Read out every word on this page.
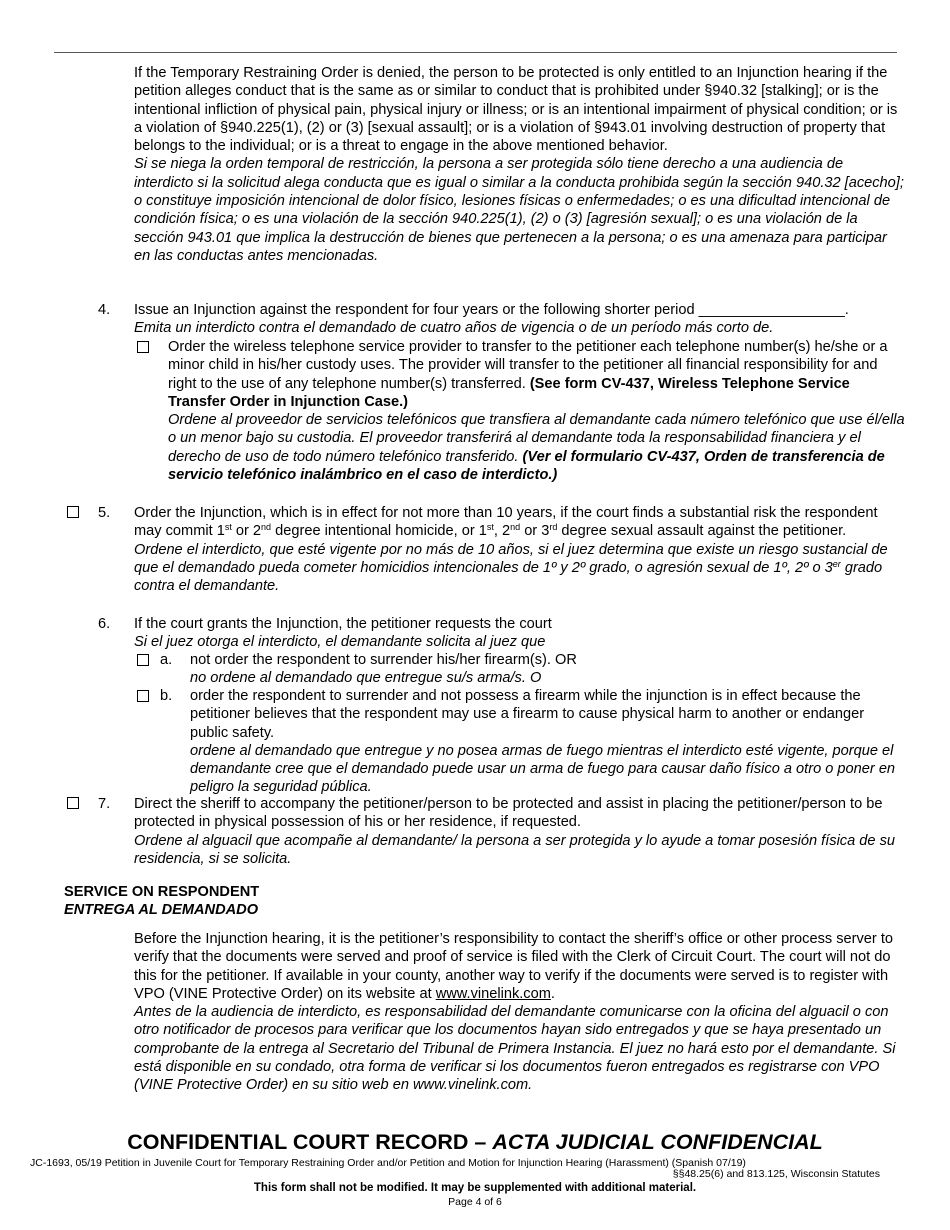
If the Temporary Restraining Order is denied, the person to be protected is only entitled to an Injunction hearing if the petition alleges conduct that is the same as or similar to conduct that is prohibited under §940.32 [stalking]; or is the intentional infliction of physical pain, physical injury or illness; or is an intentional impairment of physical condition; or is a violation of §940.225(1), (2) or (3) [sexual assault]; or is a violation of §943.01 involving destruction of property that belongs to the individual; or is a threat to engage in the above mentioned behavior.

Si se niega la orden temporal de restricción, la persona a ser protegida sólo tiene derecho a una audiencia de interdicto si la solicitud alega conducta que es igual o similar a la conducta prohibida según la sección 940.32 [acecho]; o constituye imposición intencional de dolor físico, lesiones físicas o enfermedades; o es una dificultad intencional de condición física; o es una violación de la sección 940.225(1), (2) o (3) [agresión sexual]; o es una violación de la sección 943.01 que implica la destrucción de bienes que pertenecen a la persona; o es una amenaza para participar en las conductas antes mencionadas.

4. Issue an Injunction against the respondent for four years or the following shorter period __________________.

Emita un interdicto contra el demandado de cuatro años de vigencia o de un período más corto de.

Order the wireless telephone service provider to transfer to the petitioner each telephone number(s) he/she or a minor child in his/her custody uses. The provider will transfer to the petitioner all financial responsibility for and right to the use of any telephone number(s) transferred. (See form CV-437, Wireless Telephone Service Transfer Order in Injunction Case.)

Ordene al proveedor de servicios telefónicos que transfiera al demandante cada número telefónico que use él/ella o un menor bajo su custodia. El proveedor transferirá al demandante toda la responsabilidad financiera y el derecho de uso de todo número telefónico transferido. (Ver el formulario CV-437, Orden de transferencia de servicio telefónico inalámbrico en el caso de interdicto.)

5. Order the Injunction, which is in effect for not more than 10 years, if the court finds a substantial risk the respondent may commit 1st or 2nd degree intentional homicide, or 1st, 2nd or 3rd degree sexual assault against the petitioner.

Ordene el interdicto, que esté vigente por no más de 10 años, si el juez determina que existe un riesgo sustancial de que el demandado pueda cometer homicidios intencionales de 1º y 2º grado, o agresión sexual de 1º, 2º o 3er grado contra el demandante.

6. If the court grants the Injunction, the petitioner requests the court

Si el juez otorga el interdicto, el demandante solicita al juez que

a. not order the respondent to surrender his/her firearm(s). OR

no ordene al demandado que entregue su/s arma/s. O

b. order the respondent to surrender and not possess a firearm while the injunction is in effect because the petitioner believes that the respondent may use a firearm to cause physical harm to another or endanger public safety.

ordene al demandado que entregue y no posea armas de fuego mientras el interdicto esté vigente, porque el demandante cree que el demandado puede usar un arma de fuego para causar daño físico a otro o poner en peligro la seguridad pública.

7. Direct the sheriff to accompany the petitioner/person to be protected and assist in placing the petitioner/person to be protected in physical possession of his or her residence, if requested.

Ordene al alguacil que acompañe al demandante/ la persona a ser protegida y lo ayude a tomar posesión física de su residencia, si se solicita.

SERVICE ON RESPONDENT

ENTREGA AL DEMANDADO

Before the Injunction hearing, it is the petitioner’s responsibility to contact the sheriff’s office or other process server to verify that the documents were served and proof of service is filed with the Clerk of Circuit Court. The court will not do this for the petitioner. If available in your county, another way to verify if the documents were served is to register with VPO (VINE Protective Order) on its website at www.vinelink.com.

Antes de la audiencia de interdicto, es responsabilidad del demandante comunicarse con la oficina del alguacil o con otro notificador de procesos para verificar que los documentos hayan sido entregados y que se haya presentado un comprobante de la entrega al Secretario del Tribunal de Primera Instancia. El juez no hará esto por el demandante. Si está disponible en su condado, otra forma de verificar si los documentos fueron entregados es registrarse con VPO (VINE Protective Order) en su sitio web en www.vinelink.com.

CONFIDENTIAL COURT RECORD – ACTA JUDICIAL CONFIDENCIAL
JC-1693, 05/19 Petition in Juvenile Court for Temporary Restraining Order and/or Petition and Motion for Injunction Hearing (Harassment) (Spanish 07/19)
§§48.25(6) and 813.125, Wisconsin Statutes
This form shall not be modified. It may be supplemented with additional material.
Page 4 of 6
